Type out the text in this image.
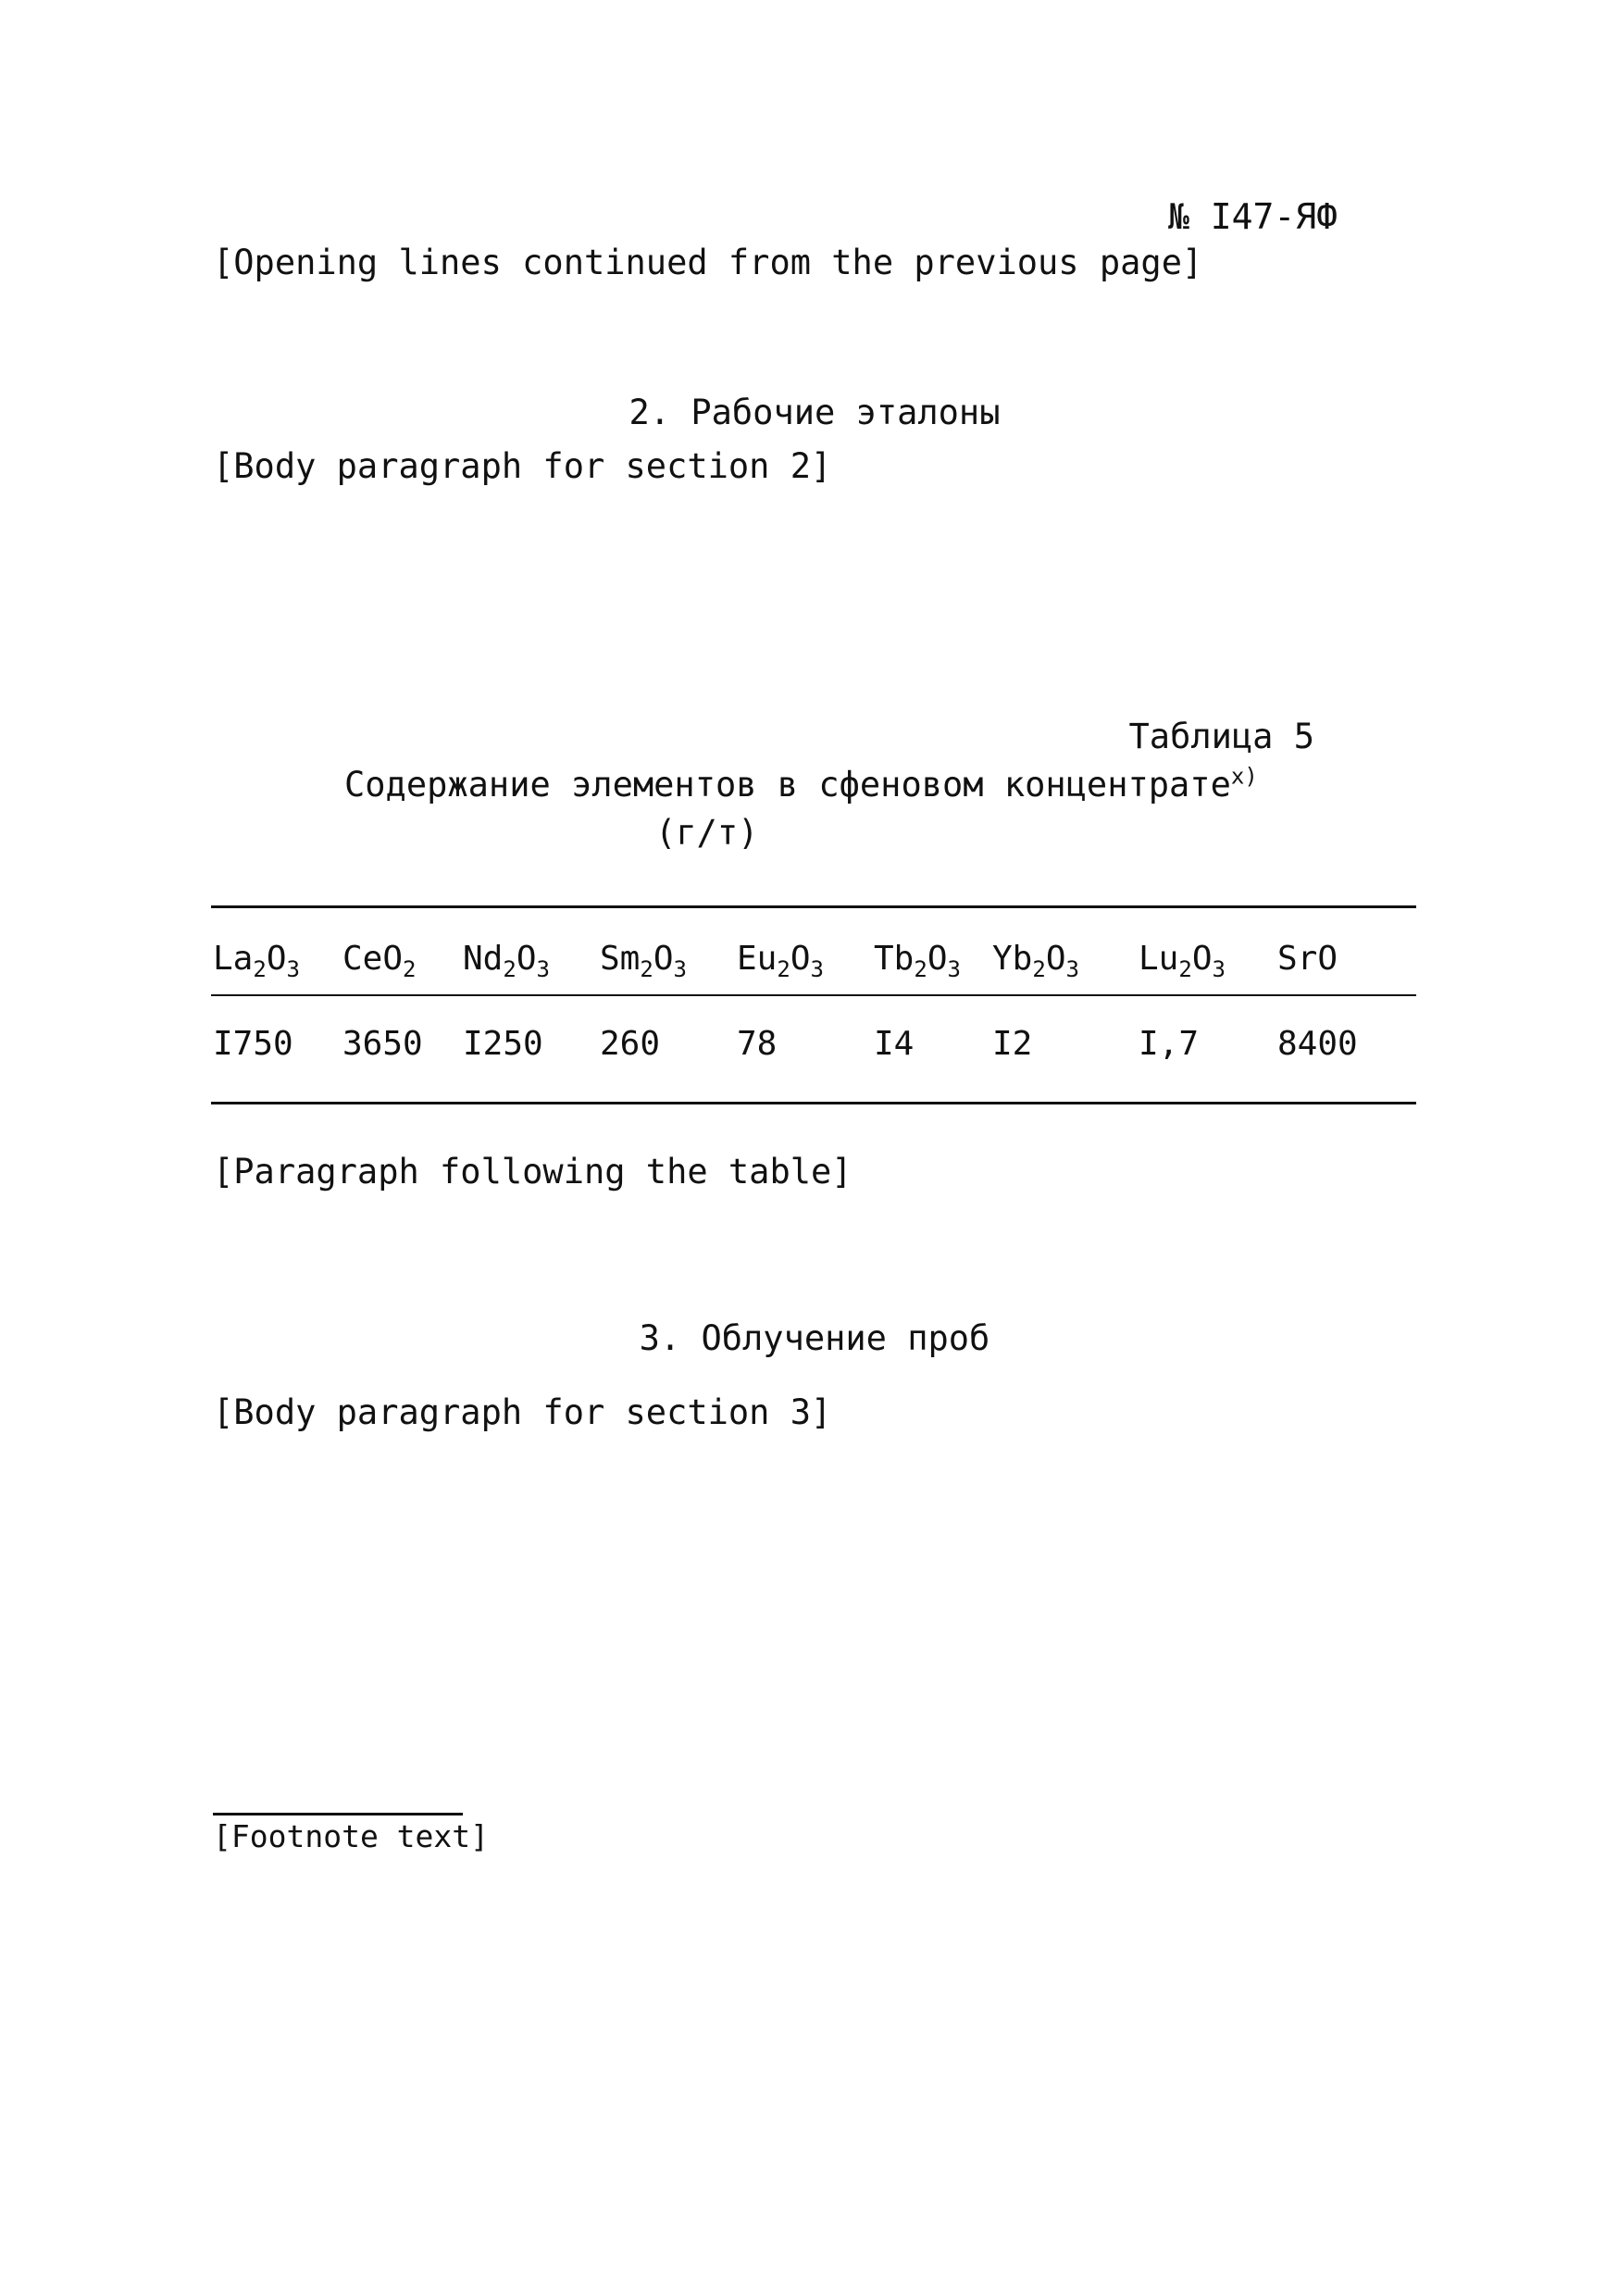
№ I47-ЯФ
[Opening lines continued from the previous page]
2. Рабочие эталоны
[Body paragraph for section 2]
Таблица 5
Содержание элементов в сфеновом концентрате$^{x)}$
(г/т)
$La_2O_3$	CeO$_2$	$Nd_2O_3$	$Sm_2O_3$	$Eu_2O_3$	$Tb_2O_3$	$Yb_2O_3$	$Lu_2O_3$	SrO
I750	3650	I250	260	78	I4	I2	I,7	8400
[Paragraph following the table]
3. Облучение проб
[Body paragraph for section 3]
[Footnote text]
